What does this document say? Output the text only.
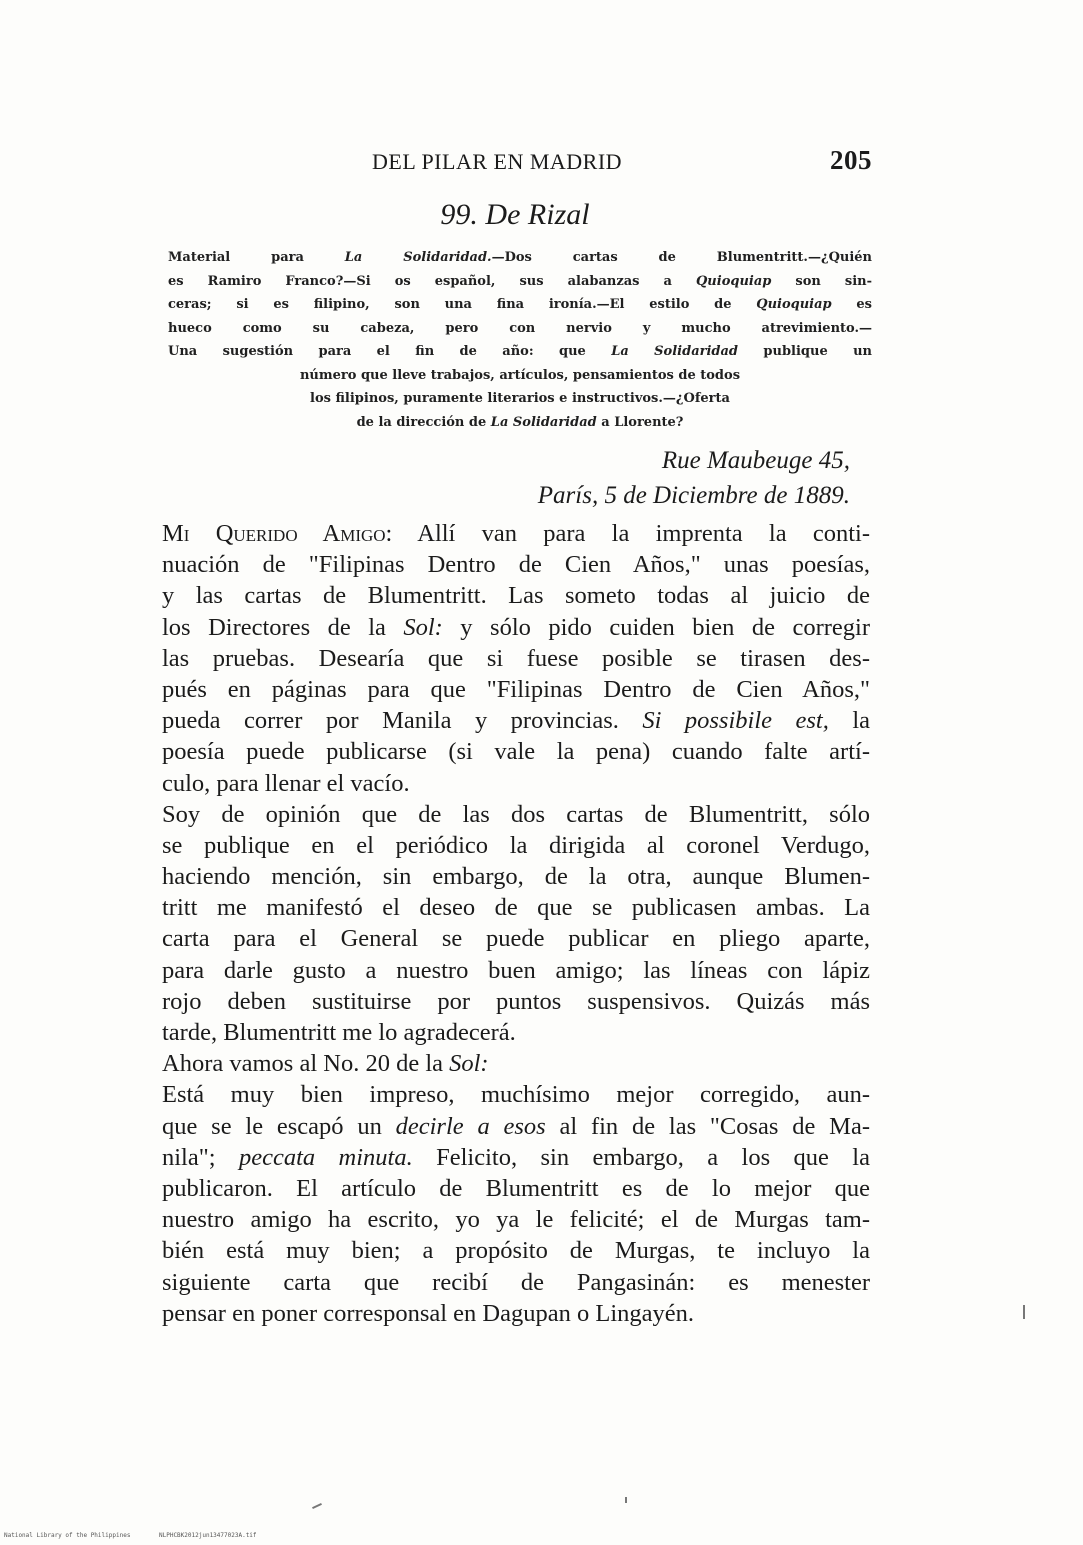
DEL PILAR EN MADRID	205
99. De Rizal
Material para La Solidaridad.—Dos cartas de Blumentritt.—¿Quién
es Ramiro Franco?—Si os español, sus alabanzas a Quioquiap son sin-
ceras; si es filipino, son una fina ironía.—El estilo de Quioquiap es
hueco como su cabeza, pero con nervio y mucho atrevimiento.—
Una sugestión para el fin de año: que La Solidaridad publique un
número que lleve trabajos, artículos, pensamientos de todos
los filipinos, puramente literarios e instructivos.—¿Oferta
de la dirección de La Solidaridad a Llorente?
Rue Maubeuge 45,
París, 5 de Diciembre de 1889.
Mi Querido Amigo: Allí van para la imprenta la conti-
nuación de "Filipinas Dentro de Cien Años," unas poesías,
y las cartas de Blumentritt. Las someto todas al juicio de
los Directores de la Sol: y sólo pido cuiden bien de corregir
las pruebas. Desearía que si fuese posible se tirasen des-
pués en páginas para que "Filipinas Dentro de Cien Años,"
pueda correr por Manila y provincias. Si possibile est, la
poesía puede publicarse (si vale la pena) cuando falte artí-
culo, para llenar el vacío.
Soy de opinión que de las dos cartas de Blumentritt, sólo
se publique en el periódico la dirigida al coronel Verdugo,
haciendo mención, sin embargo, de la otra, aunque Blumen-
tritt me manifestó el deseo de que se publicasen ambas. La
carta para el General se puede publicar en pliego aparte,
para darle gusto a nuestro buen amigo; las líneas con lápiz
rojo deben sustituirse por puntos suspensivos. Quizás más
tarde, Blumentritt me lo agradecerá.
Ahora vamos al No. 20 de la Sol:
Está muy bien impreso, muchísimo mejor corregido, aun-
que se le escapó un decirle a esos al fin de las "Cosas de Ma-
nila"; peccata minuta. Felicito, sin embargo, a los que la
publicaron. El artículo de Blumentritt es de lo mejor que
nuestro amigo ha escrito, yo ya le felicité; el de Murgas tam-
bién está muy bien; a propósito de Murgas, te incluyo la
siguiente carta que recibí de Pangasinán: es menester
pensar en poner corresponsal en Dagupan o Lingayén.
National Library of the Philippines	NLPHCBK2012jun13477023A.tif
